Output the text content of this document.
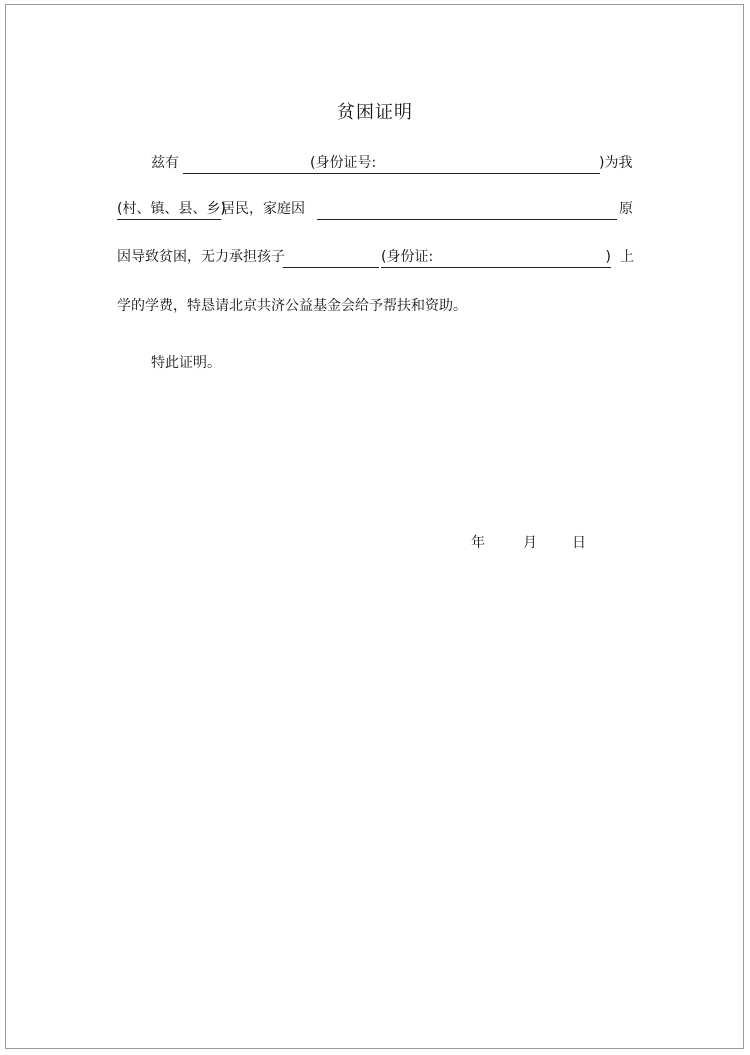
贫困证明
兹有	(身份证号:	)为我
(村、镇、县、乡)
居民，家庭因	原
因导致贫困，无力承担孩子	(身份证:	) 上
学的学费，特恳请北京共济公益基金会给予帮扶和资助。
特此证明。
年	月	日
